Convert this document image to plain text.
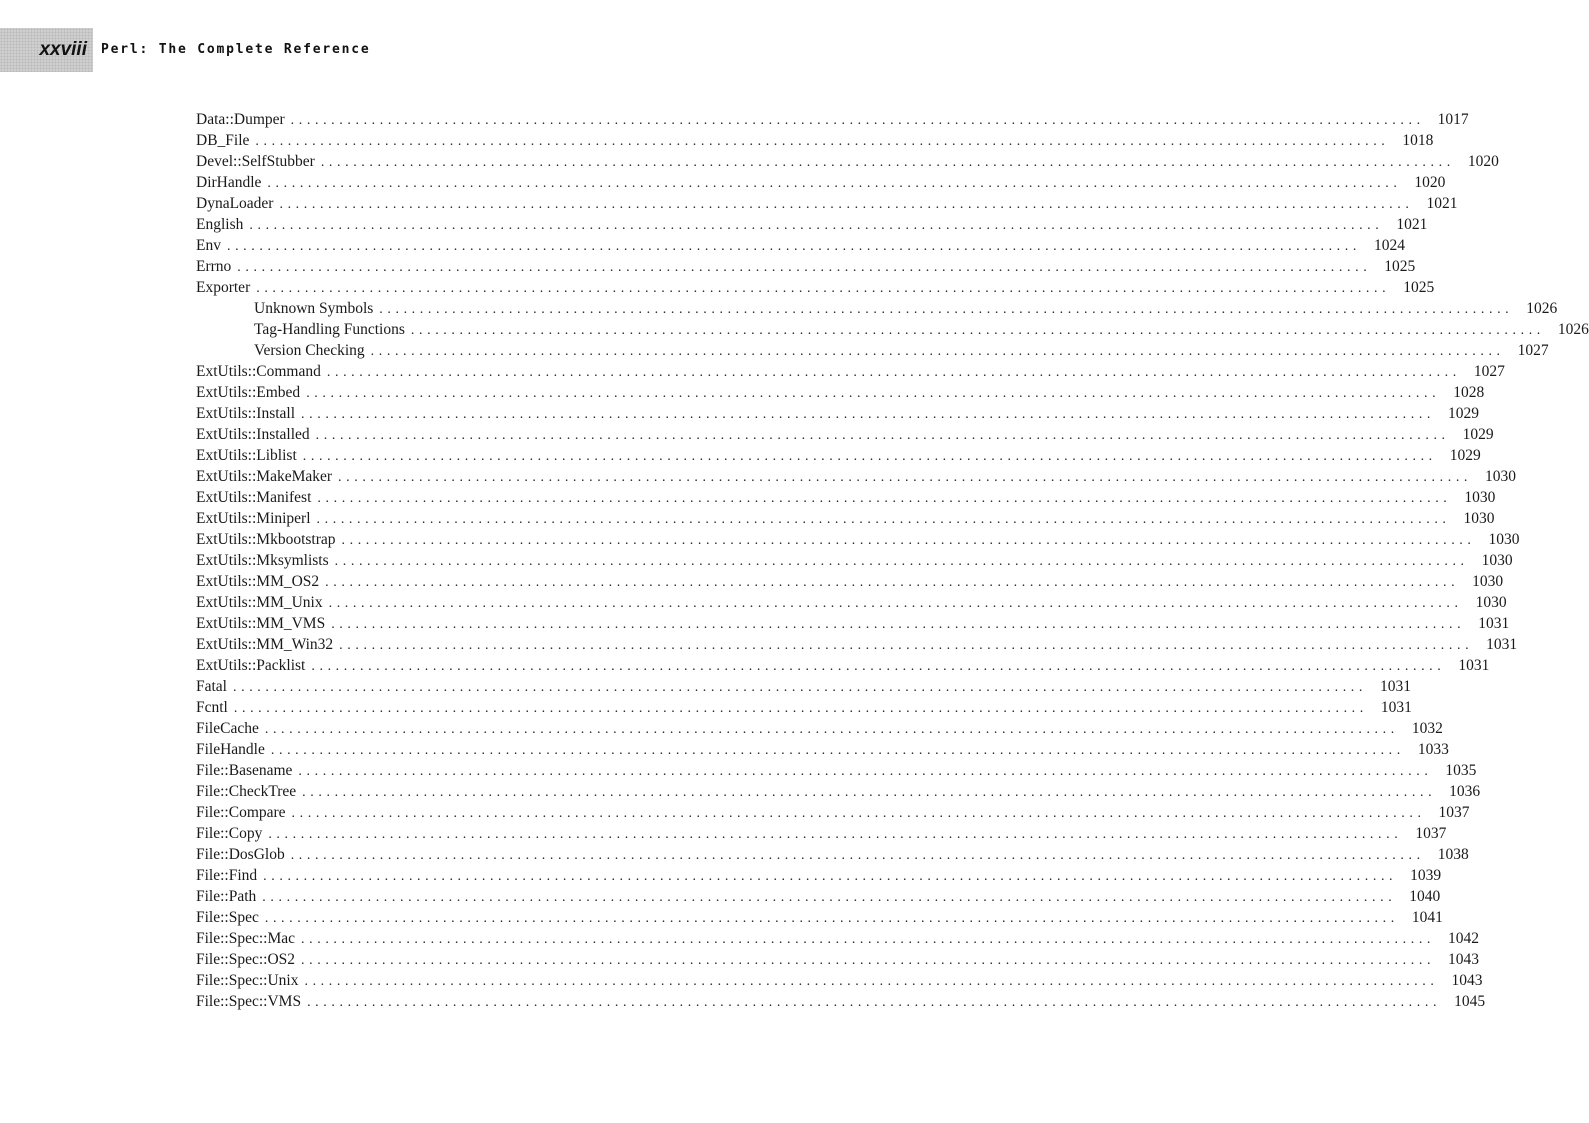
xxviii Perl: The Complete Reference
Data::Dumper ............................................................................................................................................ 1017
DB_File ............................................................................................................................................ 1018
Devel::SelfStubber ............................................................................................................................................ 1020
DirHandle ............................................................................................................................................ 1020
DynaLoader ............................................................................................................................................ 1021
English ............................................................................................................................................ 1021
Env ............................................................................................................................................ 1024
Errno ............................................................................................................................................ 1025
Exporter ............................................................................................................................................ 1025
Unknown Symbols ............................................................................................................................................ 1026
Tag-Handling Functions ............................................................................................................................................ 1026
Version Checking ............................................................................................................................................ 1027
ExtUtils::Command ............................................................................................................................................ 1027
ExtUtils::Embed ............................................................................................................................................ 1028
ExtUtils::Install ............................................................................................................................................ 1029
ExtUtils::Installed ............................................................................................................................................ 1029
ExtUtils::Liblist ............................................................................................................................................ 1029
ExtUtils::MakeMaker ............................................................................................................................................ 1030
ExtUtils::Manifest ............................................................................................................................................ 1030
ExtUtils::Miniperl ............................................................................................................................................ 1030
ExtUtils::Mkbootstrap ............................................................................................................................................ 1030
ExtUtils::Mksymlists ............................................................................................................................................ 1030
ExtUtils::MM_OS2 ............................................................................................................................................ 1030
ExtUtils::MM_Unix ............................................................................................................................................ 1030
ExtUtils::MM_VMS ............................................................................................................................................ 1031
ExtUtils::MM_Win32 ............................................................................................................................................ 1031
ExtUtils::Packlist ............................................................................................................................................ 1031
Fatal ............................................................................................................................................ 1031
Fcntl ............................................................................................................................................ 1031
FileCache ............................................................................................................................................ 1032
FileHandle ............................................................................................................................................ 1033
File::Basename ............................................................................................................................................ 1035
File::CheckTree ............................................................................................................................................ 1036
File::Compare ............................................................................................................................................ 1037
File::Copy ............................................................................................................................................ 1037
File::DosGlob ............................................................................................................................................ 1038
File::Find ............................................................................................................................................ 1039
File::Path ............................................................................................................................................ 1040
File::Spec ............................................................................................................................................ 1041
File::Spec::Mac ............................................................................................................................................ 1042
File::Spec::OS2 ............................................................................................................................................ 1043
File::Spec::Unix ............................................................................................................................................ 1043
File::Spec::VMS ............................................................................................................................................ 1045
